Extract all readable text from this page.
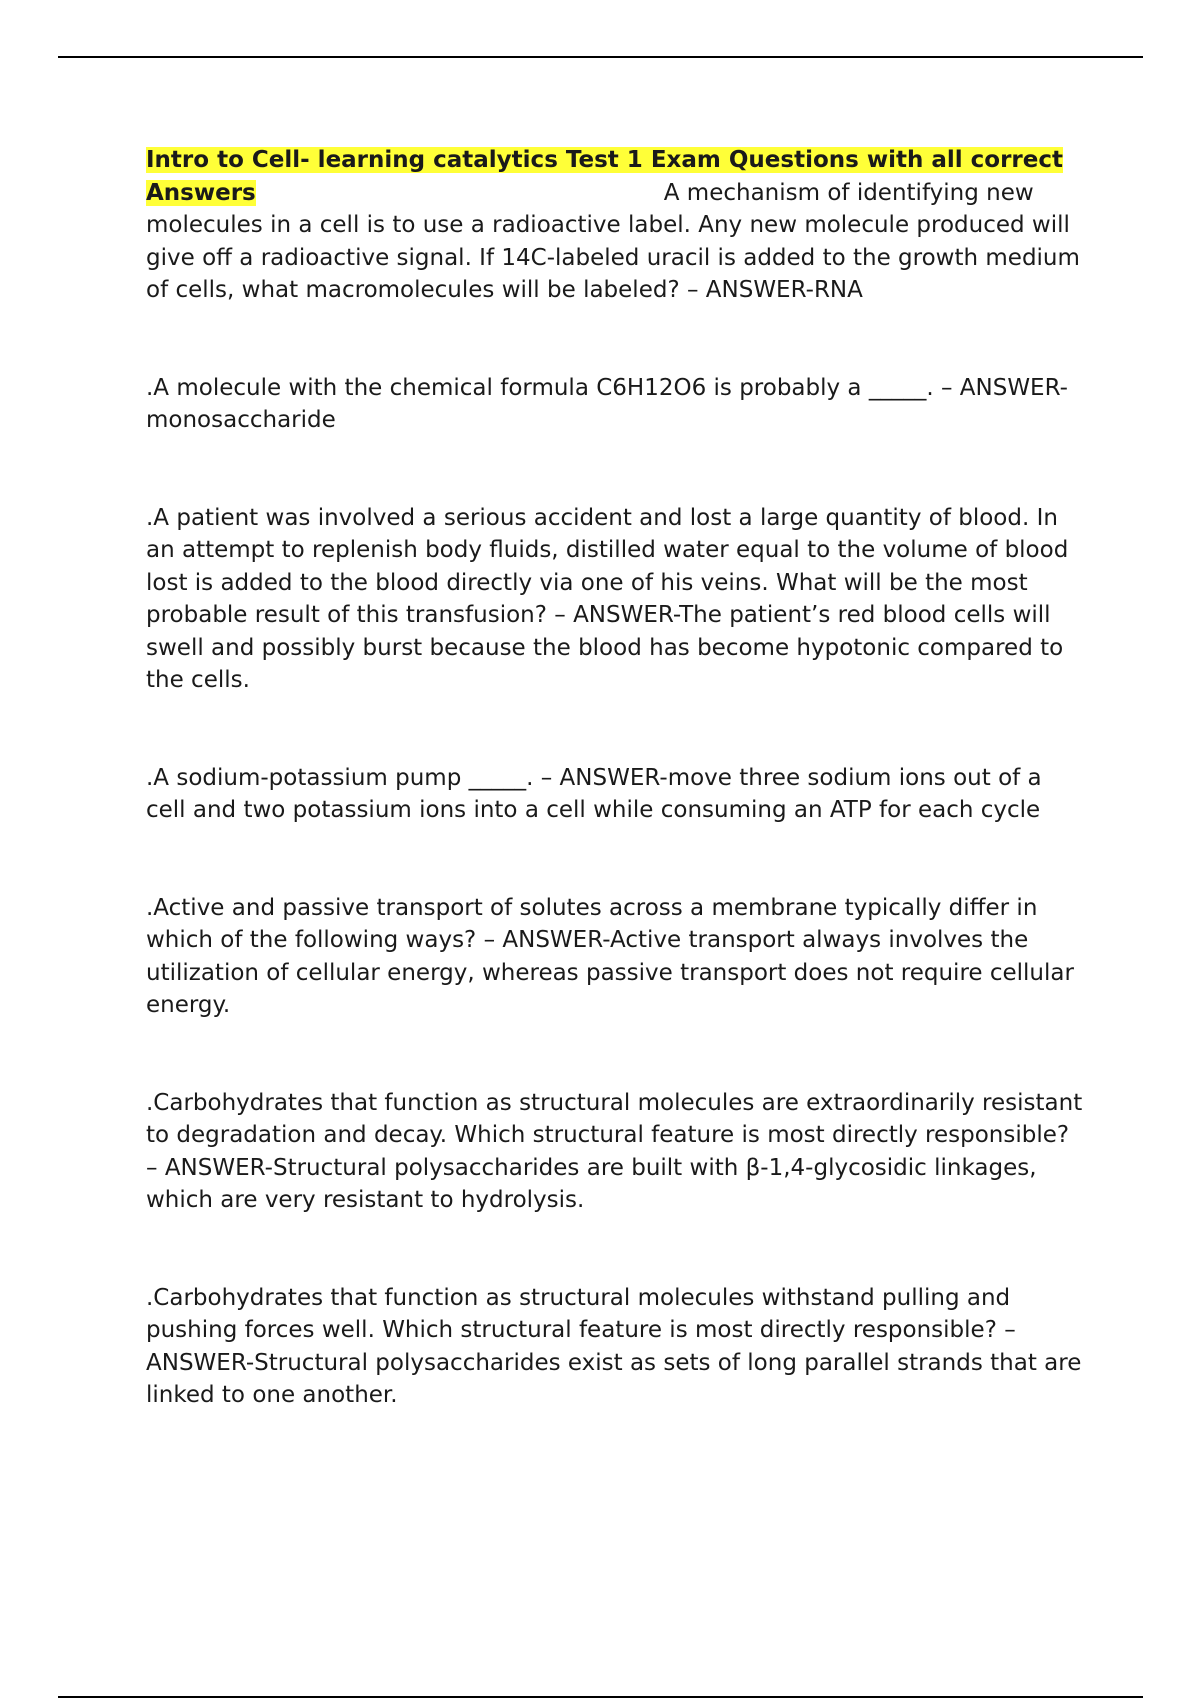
Intro to Cell- learning catalytics Test 1 Exam Questions with all correct Answers	A mechanism of identifying new molecules in a cell is to use a radioactive label. Any new molecule produced will give off a radioactive signal. If 14C-labeled uracil is added to the growth medium of cells, what macromolecules will be labeled? – ANSWER-RNA

.A molecule with the chemical formula C6H12O6 is probably a _____. – ANSWER-monosaccharide

.A patient was involved a serious accident and lost a large quantity of blood. In an attempt to replenish body fluids, distilled water equal to the volume of blood lost is added to the blood directly via one of his veins. What will be the most probable result of this transfusion? – ANSWER-The patient’s red blood cells will swell and possibly burst because the blood has become hypotonic compared to the cells.

.A sodium-potassium pump _____. – ANSWER-move three sodium ions out of a cell and two potassium ions into a cell while consuming an ATP for each cycle

.Active and passive transport of solutes across a membrane typically differ in which of the following ways? – ANSWER-Active transport always involves the utilization of cellular energy, whereas passive transport does not require cellular energy.

.Carbohydrates that function as structural molecules are extraordinarily resistant to degradation and decay. Which structural feature is most directly responsible? – ANSWER-Structural polysaccharides are built with β-1,4-glycosidic linkages, which are very resistant to hydrolysis.

.Carbohydrates that function as structural molecules withstand pulling and pushing forces well. Which structural feature is most directly responsible? – ANSWER-Structural polysaccharides exist as sets of long parallel strands that are linked to one another.
